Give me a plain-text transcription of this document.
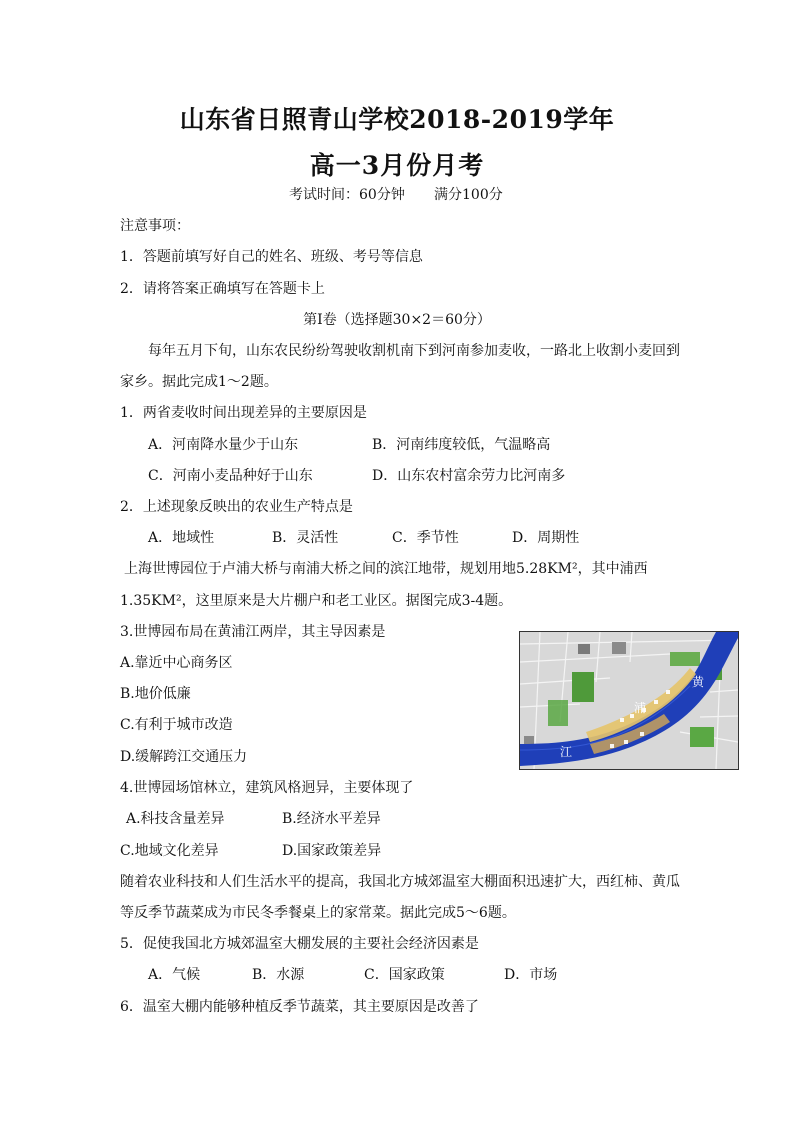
山东省日照青山学校2018-2019学年
高一3月份月考
考试时间：60分钟 满分100分
注意事项：
1．答题前填写好自己的姓名、班级、考号等信息
2．请将答案正确填写在答题卡上
第Ⅰ卷（选择题30×2＝60分）
每年五月下旬，山东农民纷纷驾驶收割机南下到河南参加麦收，一路北上收割小麦回到
家乡。据此完成1～2题。
1．两省麦收时间出现差异的主要原因是
A．河南降水量少于山东	B．河南纬度较低，气温略高
C．河南小麦品种好于山东	D．山东农村富余劳力比河南多
2．上述现象反映出的农业生产特点是
A．地域性	B．灵活性	C．季节性	D．周期性
上海世博园位于卢浦大桥与南浦大桥之间的滨江地带，规划用地5.28KM²，其中浦西
1.35KM²，这里原来是大片棚户和老工业区。据图完成3-4题。
3.世博园布局在黄浦江两岸，其主导因素是
A.靠近中心商务区
B.地价低廉
C.有利于城市改造
D.缓解跨江交通压力
黄
浦
江
4.世博园场馆林立，建筑风格迥异，主要体现了
A.科技含量差异	B.经济水平差异
C.地域文化差异	D.国家政策差异
随着农业科技和人们生活水平的提高，我国北方城郊温室大棚面积迅速扩大，西红柿、黄瓜
等反季节蔬菜成为市民冬季餐桌上的家常菜。据此完成5～6题。
5．促使我国北方城郊温室大棚发展的主要社会经济因素是
A．气候	B．水源	C．国家政策	D．市场
6．温室大棚内能够种植反季节蔬菜，其主要原因是改善了
